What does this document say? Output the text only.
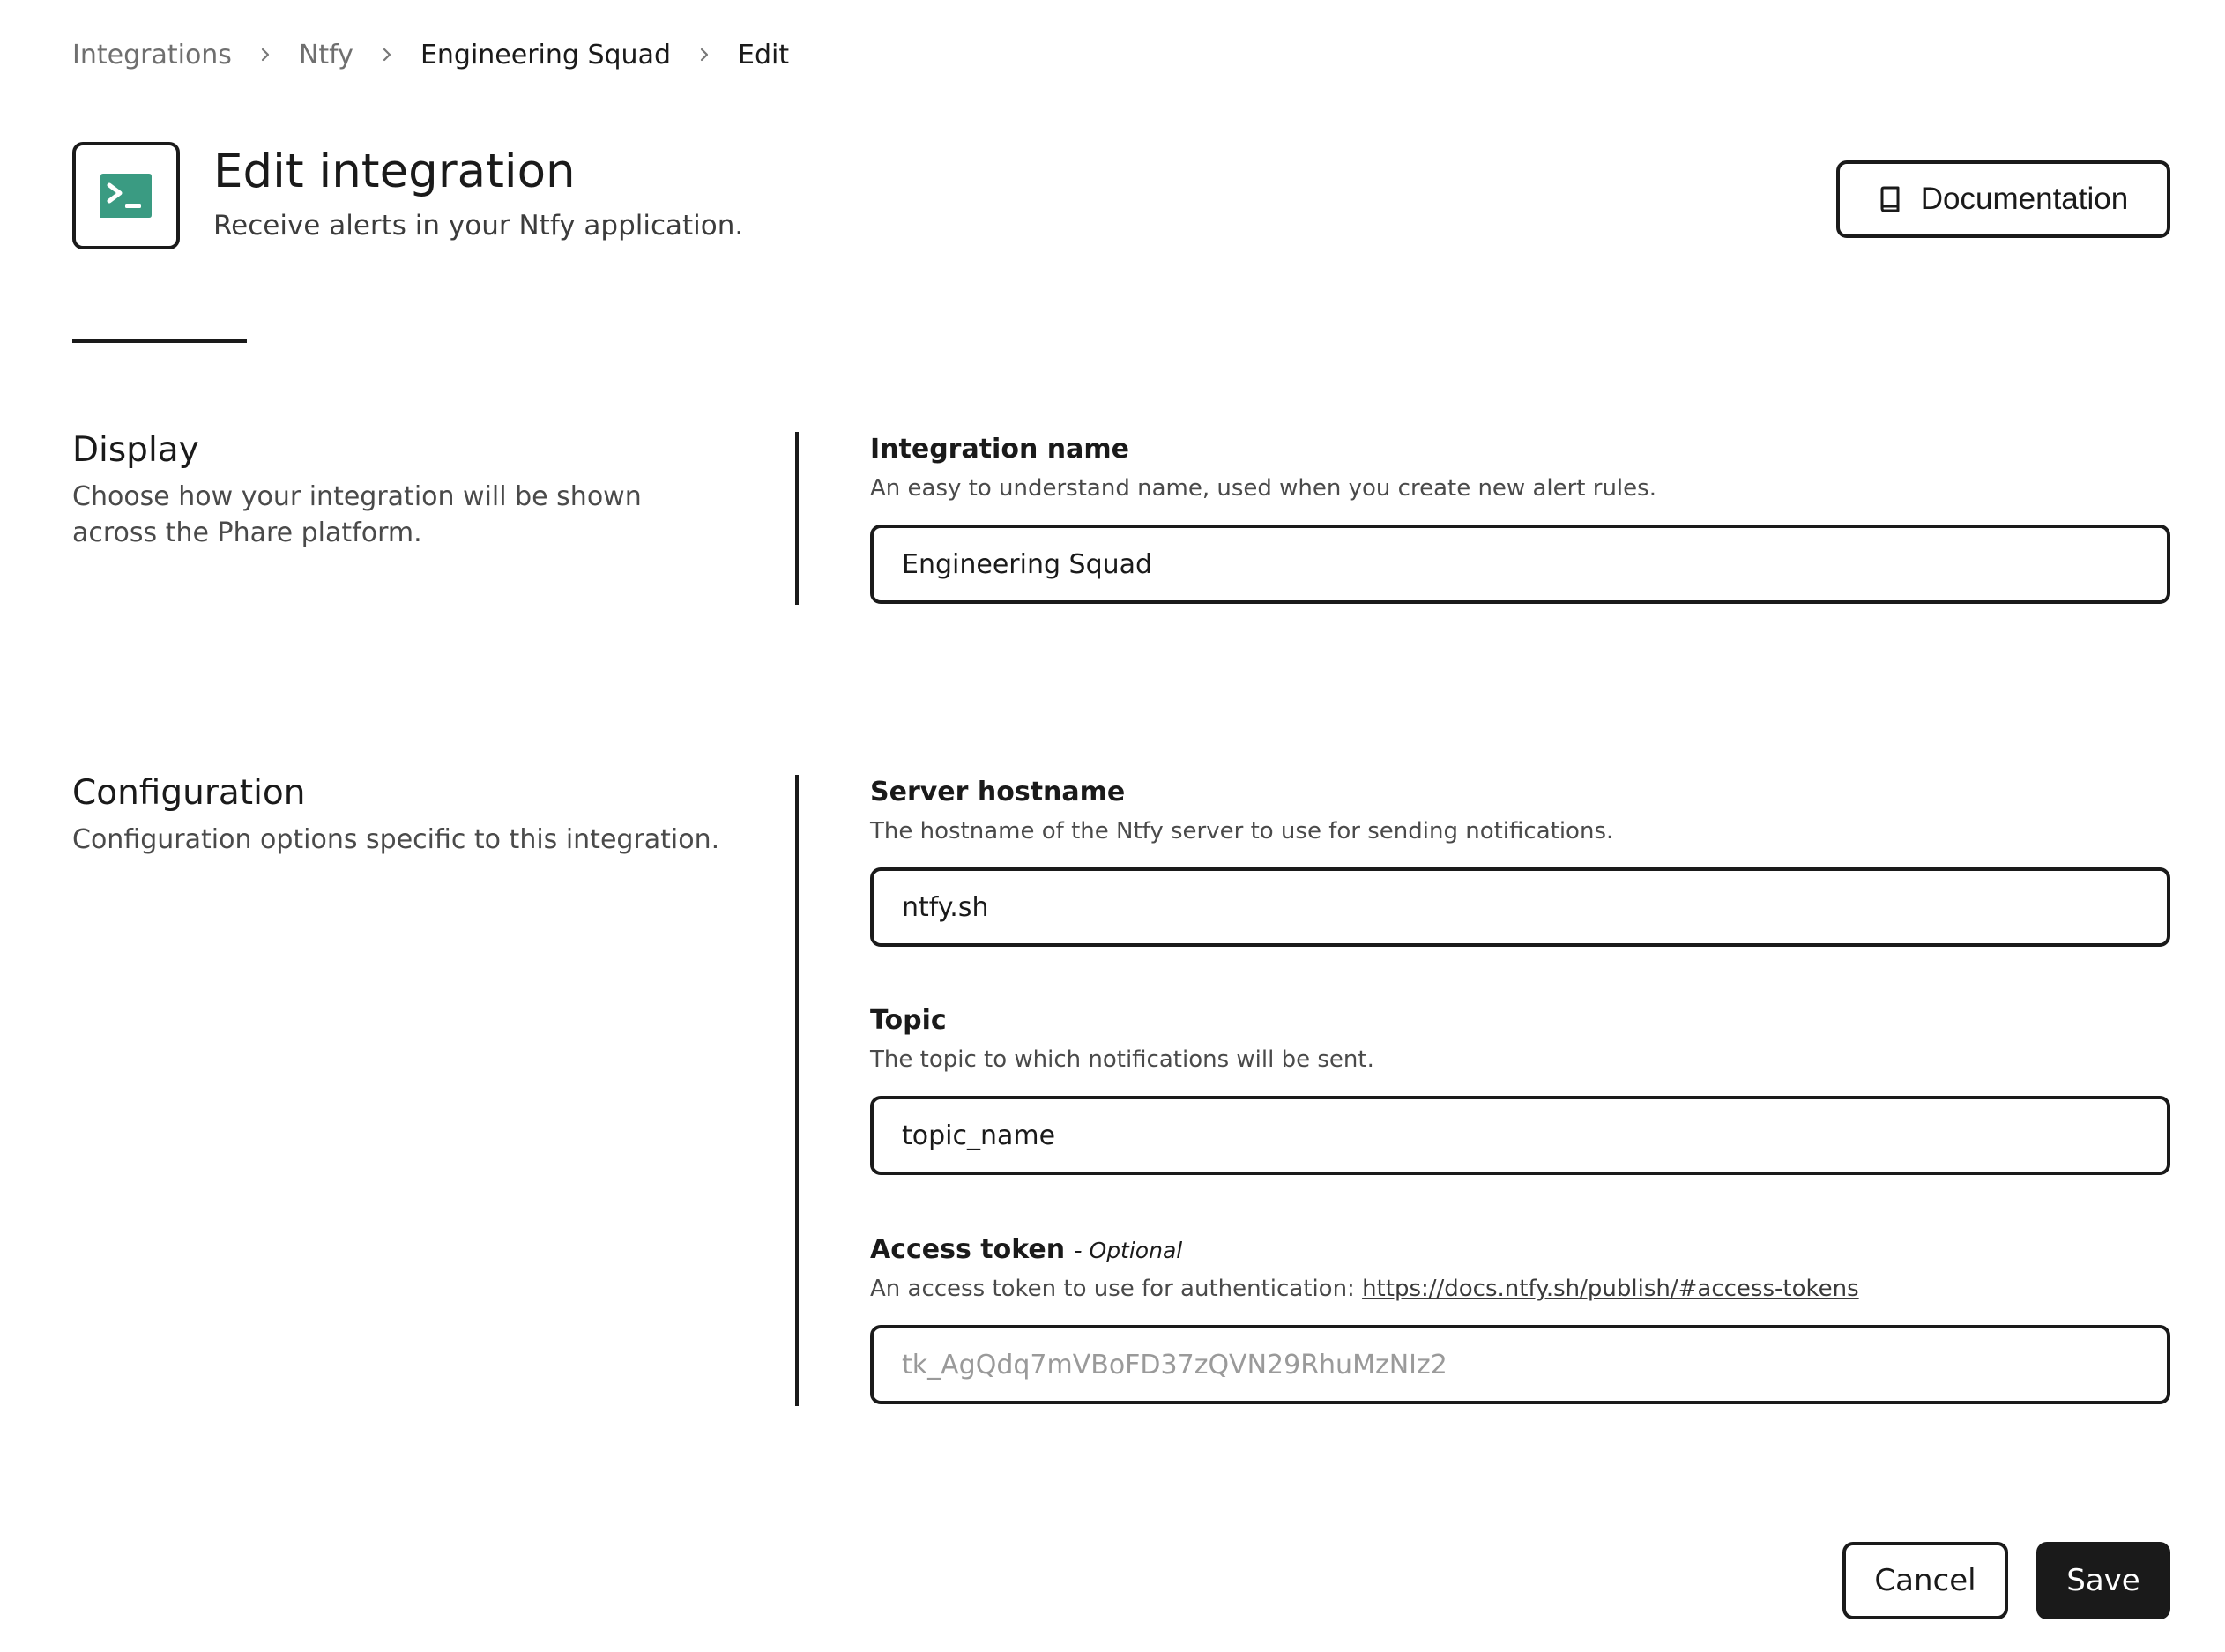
Integrations	Ntfy	Engineering Squad	Edit
Edit integration
Receive alerts in your Ntfy application.
Documentation
Display
Choose how your integration will be shown across the Phare platform.
Integration name
An easy to understand name, used when you create new alert rules.
Engineering Squad
Configuration
Configuration options specific to this integration.
Server hostname
The hostname of the Ntfy server to use for sending notifications.
ntfy.sh
Topic
The topic to which notifications will be sent.
topic_name
Access token - Optional
An access token to use for authentication: https://docs.ntfy.sh/publish/#access-tokens
tk_AgQdq7mVBoFD37zQVN29RhuMzNIz2
Cancel	Save
